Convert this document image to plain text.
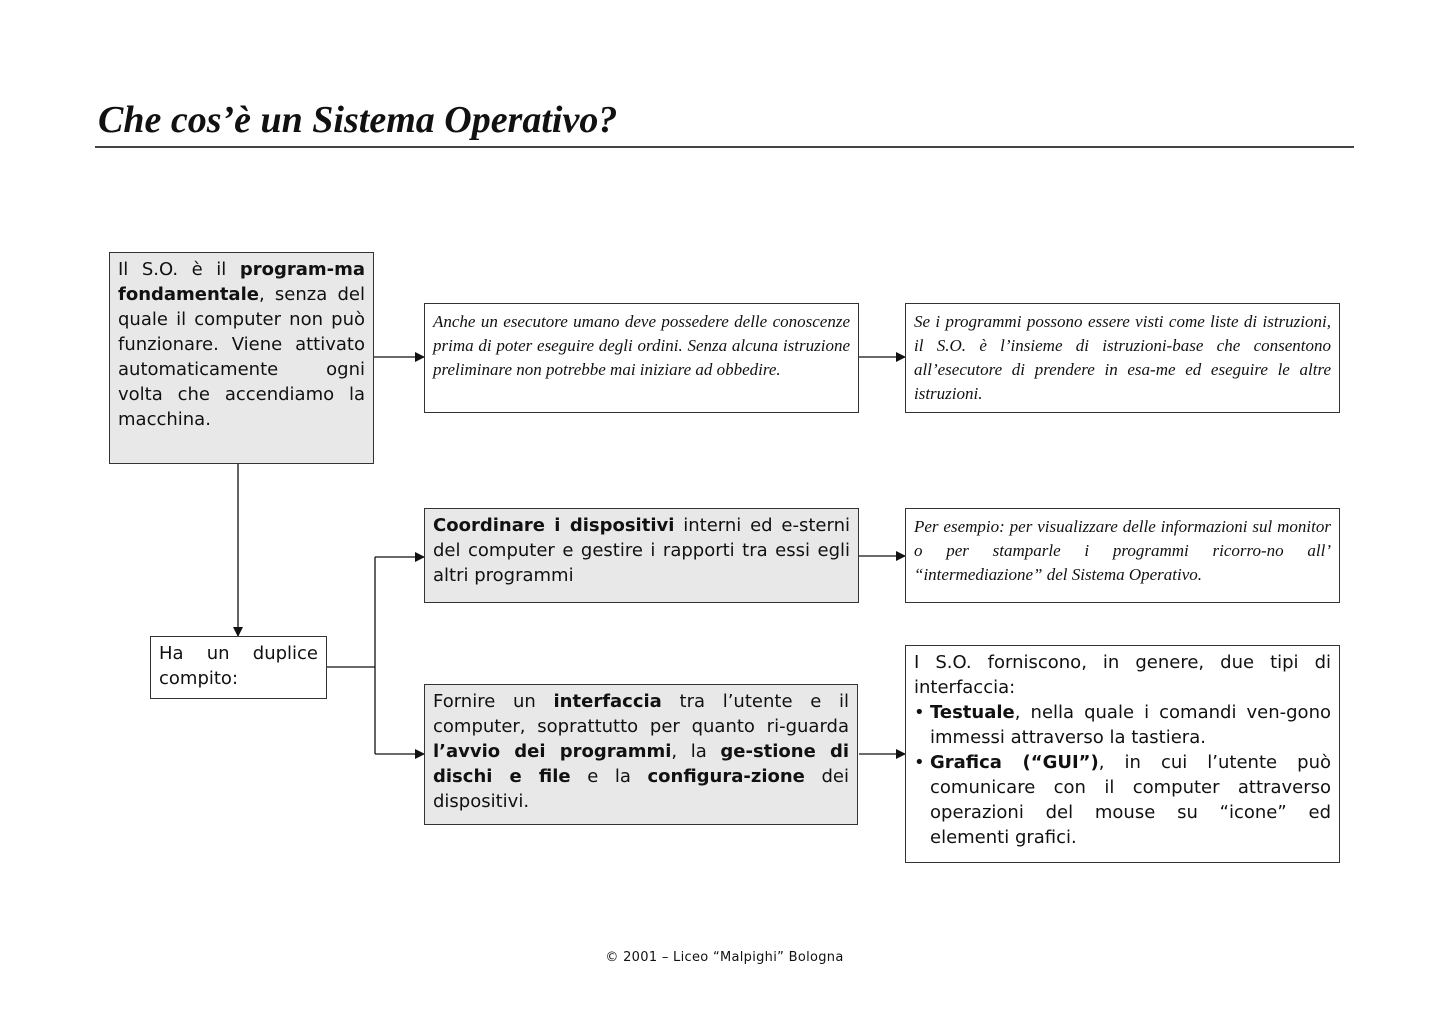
Che cos’è un Sistema Operativo?
Il S.O. è il program-ma fondamentale, senza del quale il computer non può funzionare. Viene attivato automaticamente ogni volta che accendiamo la macchina.
Anche un esecutore umano deve possedere delle conoscenze prima di poter eseguire degli ordini. Senza alcuna istruzione preliminare non potrebbe mai iniziare ad obbedire.
Se i programmi possono essere visti come liste di istruzioni, il S.O. è l’insieme di istruzioni-base che consentono all’esecutore di prendere in esa-me ed eseguire le altre istruzioni.
Ha un duplice compito:
Coordinare i dispositivi interni ed e-sterni del computer e gestire i rapporti tra essi egli altri programmi
Per esempio: per visualizzare delle informazioni sul monitor o per stamparle i programmi ricorro-no all’ “intermediazione” del Sistema Operativo.
Fornire un interfaccia tra l’utente e il computer, soprattutto per quanto ri-guarda l’avvio dei programmi, la ge-stione di dischi e file e la configura-zione dei dispositivi.
I S.O. forniscono, in genere, due tipi di interfaccia:
• Testuale, nella quale i comandi ven-gono immessi attraverso la tastiera.
• Grafica (“GUI”), in cui l’utente può comunicare con il computer attraverso operazioni del mouse su “icone” ed elementi grafici.
© 2001 – Liceo “Malpighi” Bologna
